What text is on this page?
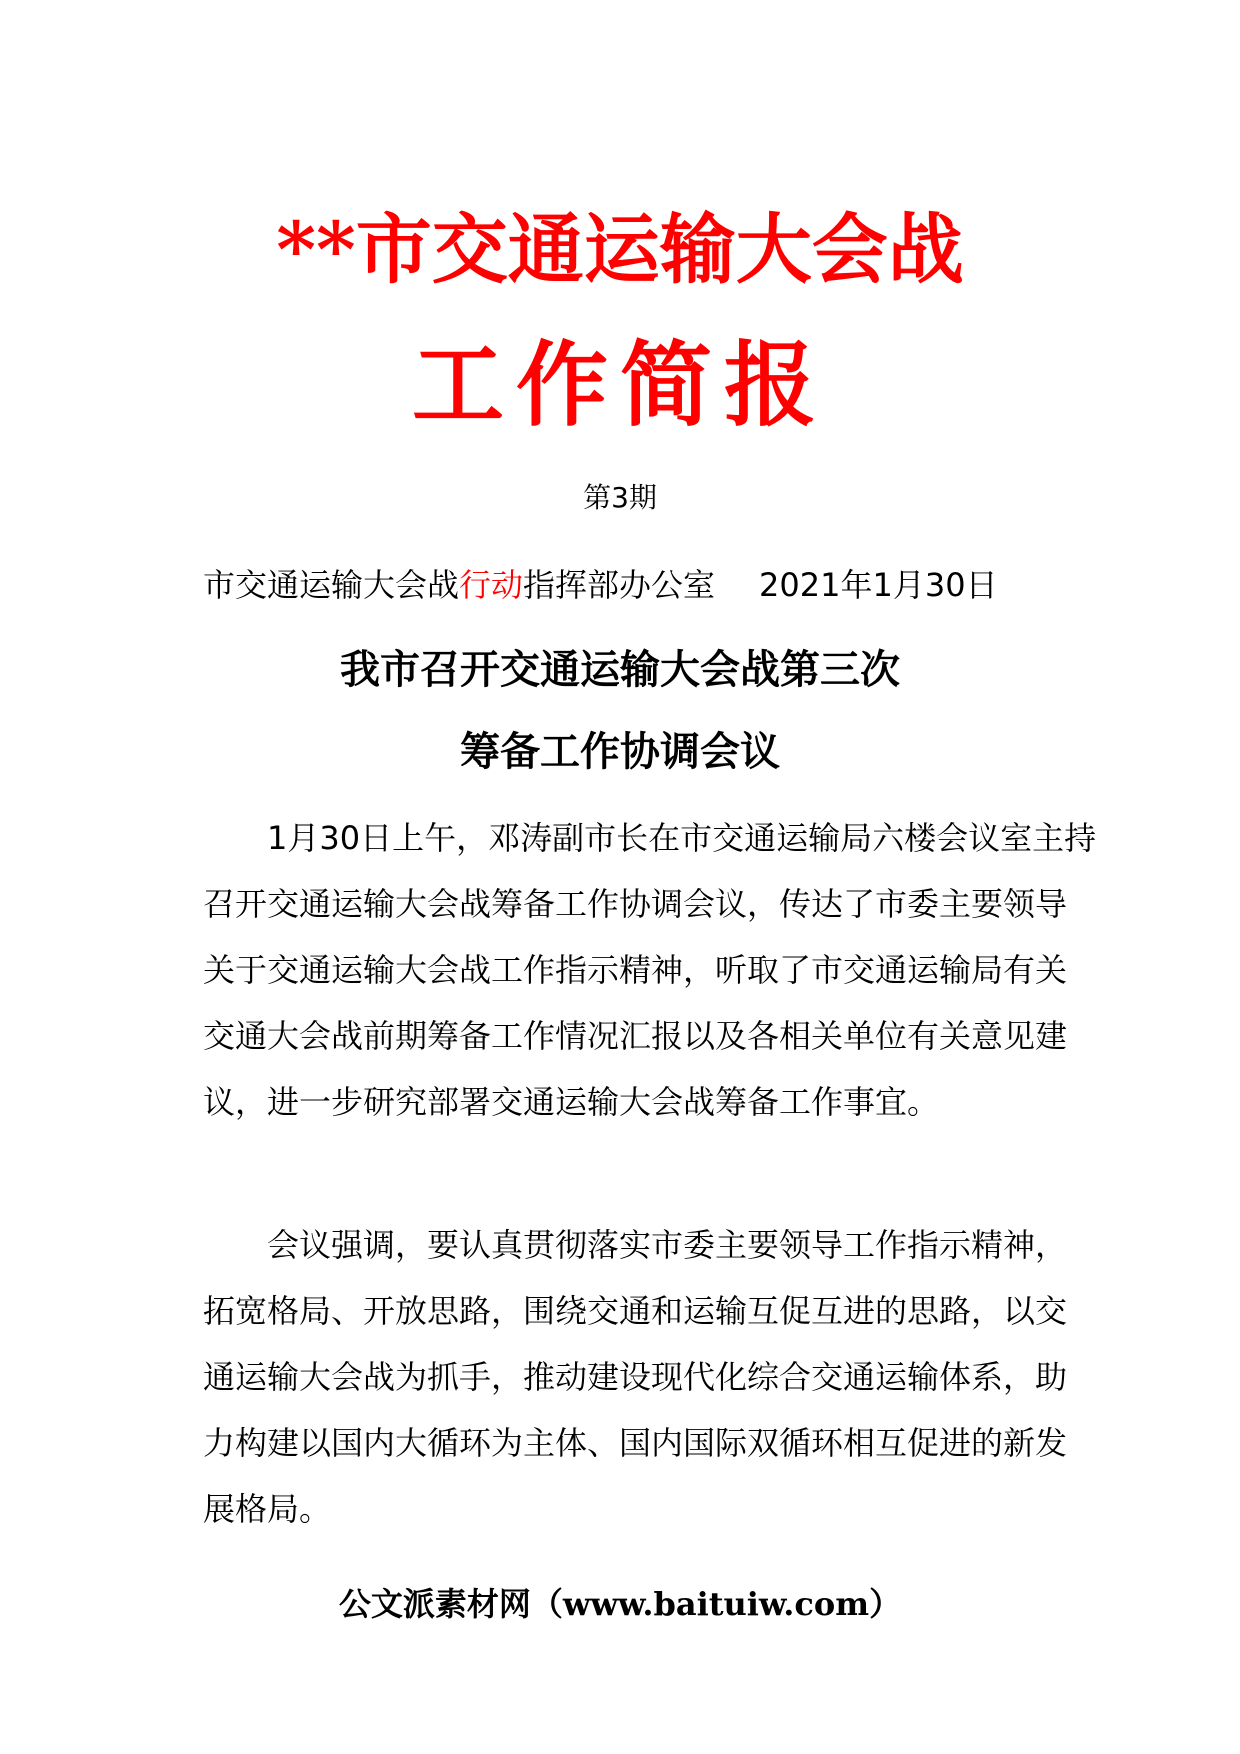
**市交通运输大会战
工作简报
第3期
市交通运输大会战行动指挥部办公室 2021年1月30日
我市召开交通运输大会战第三次
筹备工作协调会议

1月30日上午，邓涛副市长在市交通运输局六楼会议室主持召开交通运输大会战筹备工作协调会议，传达了市委主要领导关于交通运输大会战工作指示精神，听取了市交通运输局有关交通大会战前期筹备工作情况汇报以及各相关单位有关意见建议，进一步研究部署交通运输大会战筹备工作事宜。

会议强调，要认真贯彻落实市委主要领导工作指示精神，拓宽格局、开放思路，围绕交通和运输互促互进的思路，以交通运输大会战为抓手，推动建设现代化综合交通运输体系，助力构建以国内大循环为主体、国内国际双循环相互促进的新发展格局。

公文派素材网（www.baituiw.com）
